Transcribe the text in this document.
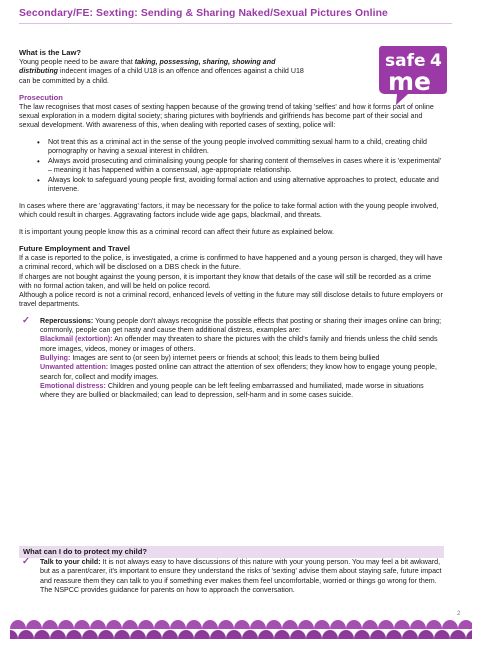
Secondary/FE: Sexting: Sending & Sharing Naked/Sexual Pictures Online
safe 4
me
What is the Law?
Young people need to be aware that taking, possessing, sharing, showing and
distributing indecent images of a child U18 is an offence and offences against a child U18
can be committed by a child.
Prosecution
The law recognises that most cases of sexting happen because of the growing trend of taking 'selfies' and how it forms part of online sexual exploration in a modern digital society; sharing pictures with boyfriends and girlfriends has become part of their social and sexual development. With awareness of this, when dealing with reported cases of sexting, police will:
• Not treat this as a criminal act in the sense of the young people involved committing sexual harm to a child, creating child pornography or having a sexual interest in children.
• Always avoid prosecuting and criminalising young people for sharing content of themselves in cases where it is 'experimental' – meaning it has happened within a consensual, age-appropriate relationship.
• Always look to safeguard young people first, avoiding formal action and using alternative approaches to protect, educate and intervene.
In cases where there are 'aggravating' factors, it may be necessary for the police to take formal action with the young people involved, which could result in charges. Aggravating factors include wide age gaps, blackmail, and threats.
It is important young people know this as a criminal record can affect their future as explained below.
Future Employment and Travel
If a case is reported to the police, is investigated, a crime is confirmed to have happened and a young person is charged, they will have a criminal record, which will be disclosed on a DBS check in the future.
If charges are not bought against the young person, it is important they know that details of the case will still be recorded as a crime with no formal action taken, and will be held on police record.
Although a police record is not a criminal record, enhanced levels of vetting in the future may still disclose details to future employers or travel departments.
✓ Repercussions: Young people don't always recognise the possible effects that posting or sharing their images online can bring; commonly, people can get nasty and cause them additional distress, examples are:
Blackmail (extortion): An offender may threaten to share the pictures with the child's family and friends unless the child sends more images, videos, money or images of others.
Bullying: Images are sent to (or seen by) internet peers or friends at school; this leads to them being bullied
Unwanted attention: Images posted online can attract the attention of sex offenders; they know how to engage young people, search for, collect and modify images.
Emotional distress: Children and young people can be left feeling embarrassed and humiliated, made worse in situations where they are bullied or blackmailed; can lead to depression, self-harm and in some cases suicide.
What can I do to protect my child?
✓ Talk to your child: It is not always easy to have discussions of this nature with your young person. You may feel a bit awkward, but as a parent/carer, it's important to ensure they understand the risks of 'sexting' advise them about staying safe, future impact and reassure them they can talk to you if something ever makes them feel uncomfortable, worried or things go wrong for them. The NSPCC provides guidance for parents on how to approach the conversation.
2
